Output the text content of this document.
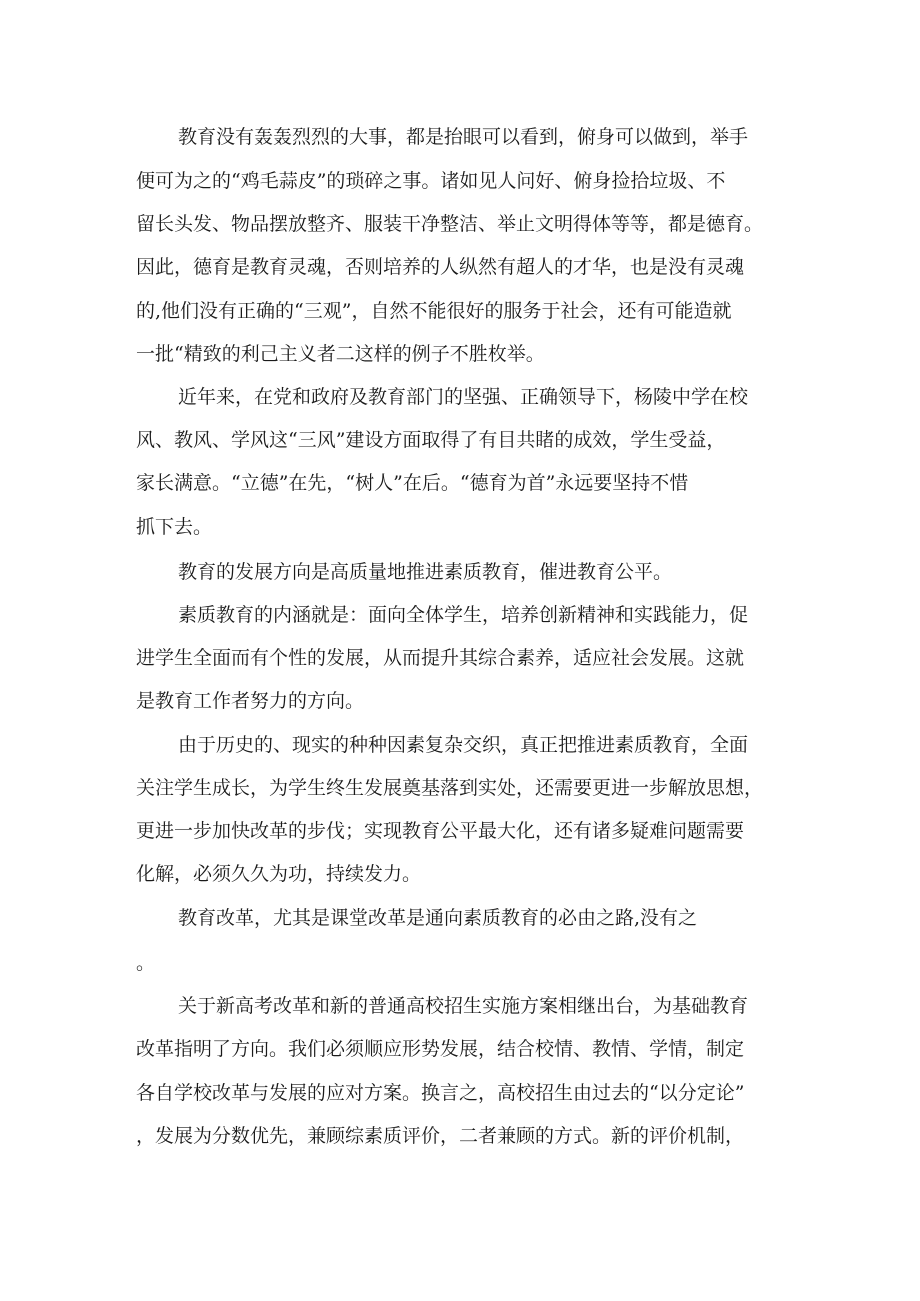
教育没有轰轰烈烈的大事，都是抬眼可以看到，俯身可以做到，举手
便可为之的“鸡毛蒜皮”的琐碎之事。诸如见人问好、俯身捡拾垃圾、不
留长头发、物品摆放整齐、服装干净整洁、举止文明得体等等，都是德育。
因此，德育是教育灵魂，否则培养的人纵然有超人的才华，也是没有灵魂
的,他们没有正确的“三观”，自然不能很好的服务于社会，还有可能造就
一批“精致的利己主义者二这样的例子不胜枚举。
近年来，在党和政府及教育部门的坚强、正确领导下，杨陵中学在校
风、教风、学风这“三风”建设方面取得了有目共睹的成效，学生受益，
家长满意。“立德”在先，“树人”在后。“德育为首”永远要坚持不惜
抓下去。
教育的发展方向是高质量地推进素质教育，催进教育公平。
素质教育的内涵就是：面向全体学生，培养创新精神和实践能力，促
进学生全面而有个性的发展，从而提升其综合素养，适应社会发展。这就
是教育工作者努力的方向。
由于历史的、现实的种种因素复杂交织，真正把推进素质教育，全面
关注学生成长，为学生终生发展奠基落到实处，还需要更进一步解放思想，
更进一步加快改革的步伐；实现教育公平最大化，还有诸多疑难问题需要
化解，必须久久为功，持续发力。
教育改革，尤其是课堂改革是通向素质教育的必由之路,没有之
。
关于新高考改革和新的普通高校招生实施方案相继出台，为基础教育
改革指明了方向。我们必须顺应形势发展，结合校情、教情、学情，制定
各自学校改革与发展的应对方案。换言之，高校招生由过去的“以分定论”
，发展为分数优先，兼顾综素质评价，二者兼顾的方式。新的评价机制，
